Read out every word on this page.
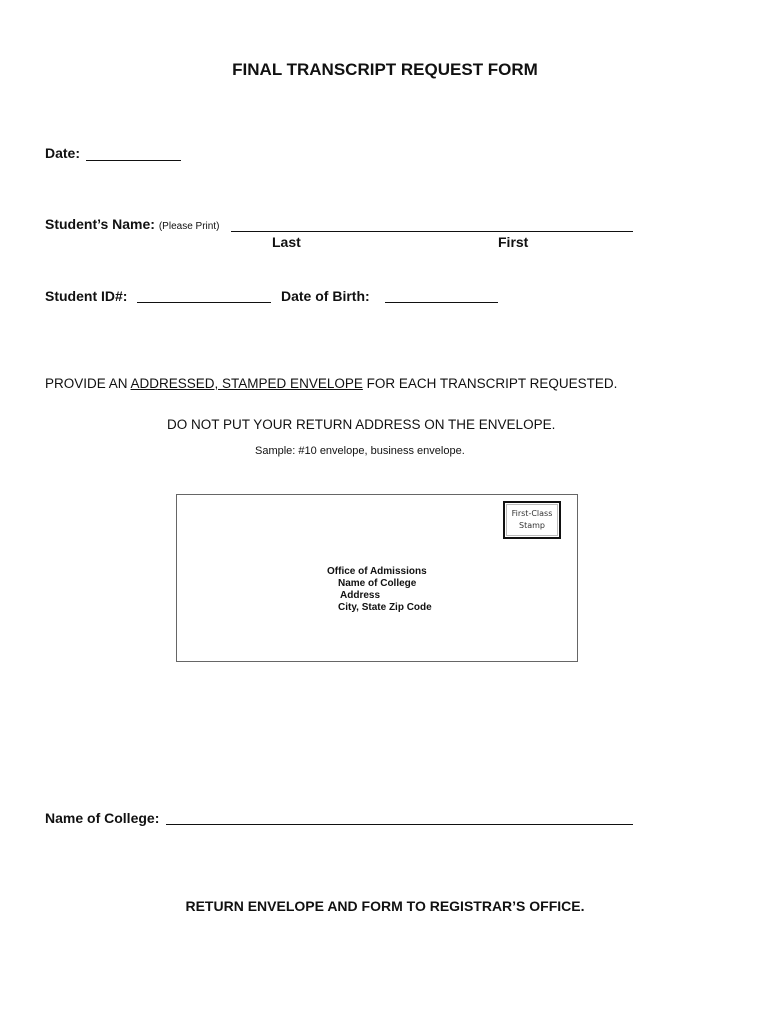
FINAL TRANSCRIPT REQUEST FORM
Date:
Student’s Name: (Please Print)
Last	First
Student ID#:	Date of Birth:
PROVIDE AN ADDRESSED, STAMPED ENVELOPE FOR EACH TRANSCRIPT REQUESTED.
DO NOT PUT YOUR RETURN ADDRESS ON THE ENVELOPE.
Sample: #10 envelope, business envelope.
First-Class
Stamp
Office of Admissions
Name of College
Address
City, State Zip Code
Name of College:
RETURN ENVELOPE AND FORM TO REGISTRAR’S OFFICE.
